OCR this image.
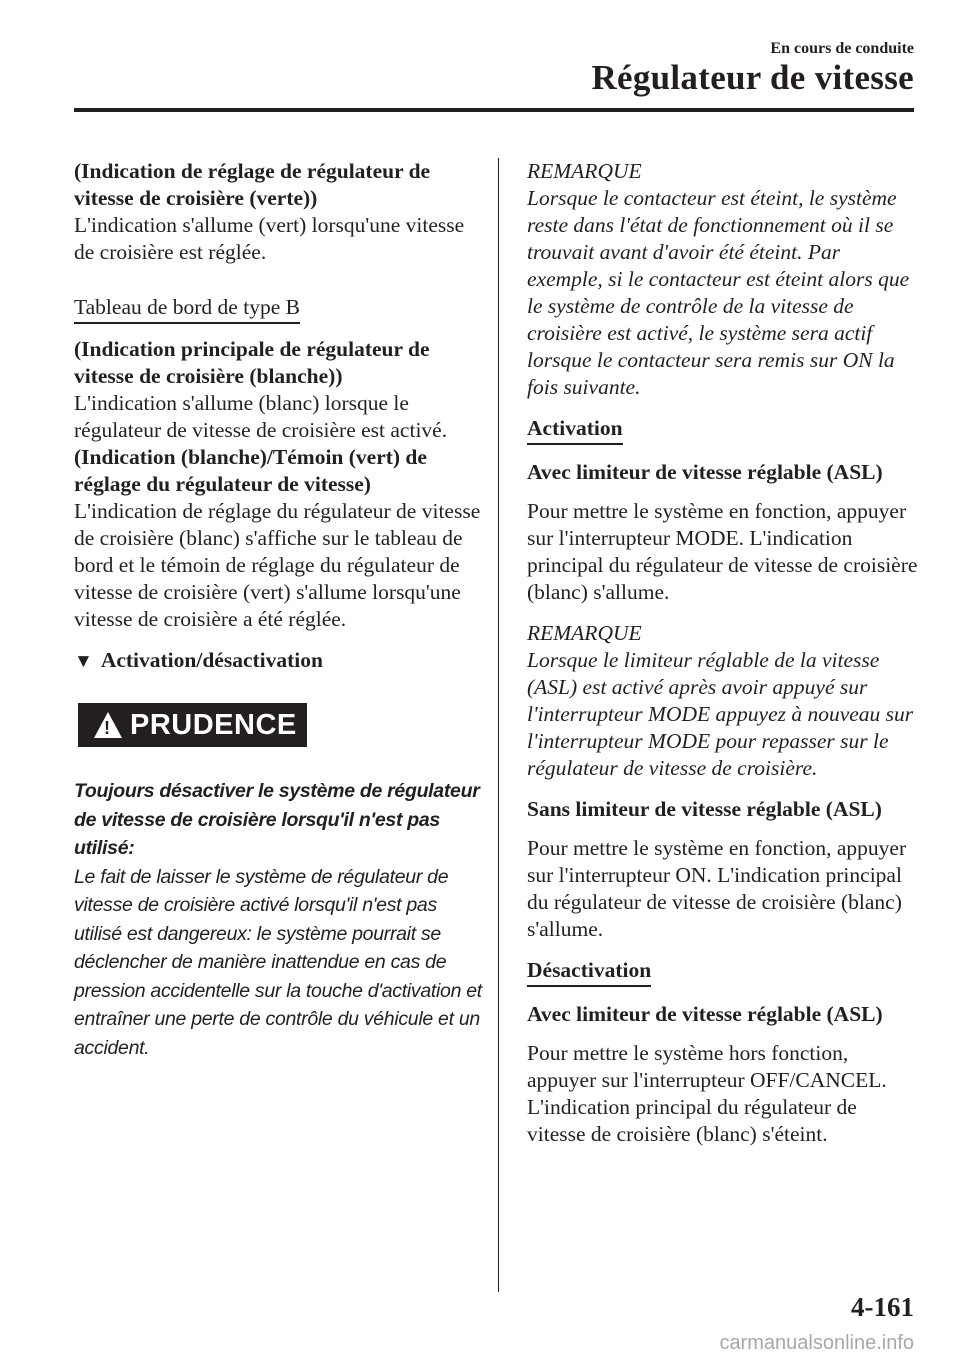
En cours de conduite
Régulateur de vitesse

(Indication de réglage de régulateur de vitesse de croisière (verte))

L'indication s'allume (vert) lorsqu'une vitesse de croisière est réglée.

Tableau de bord de type B

(Indication principale de régulateur de vitesse de croisière (blanche))

L'indication s'allume (blanc) lorsque le régulateur de vitesse de croisière est activé.

(Indication (blanche)/Témoin (vert) de réglage du régulateur de vitesse)

L'indication de réglage du régulateur de vitesse de croisière (blanc) s'affiche sur le tableau de bord et le témoin de réglage du régulateur de vitesse de croisière (vert) s'allume lorsqu'une vitesse de croisière a été réglée.

▼ Activation/désactivation

! PRUDENCE

Toujours désactiver le système de régulateur de vitesse de croisière lorsqu'il n'est pas utilisé:

Le fait de laisser le système de régulateur de vitesse de croisière activé lorsqu'il n'est pas utilisé est dangereux: le système pourrait se déclencher de manière inattendue en cas de pression accidentelle sur la touche d'activation et entraîner une perte de contrôle du véhicule et un accident.

REMARQUE

Lorsque le contacteur est éteint, le système reste dans l'état de fonctionnement où il se trouvait avant d'avoir été éteint. Par exemple, si le contacteur est éteint alors que le système de contrôle de la vitesse de croisière est activé, le système sera actif lorsque le contacteur sera remis sur ON la fois suivante.

Activation

Avec limiteur de vitesse réglable (ASL)

Pour mettre le système en fonction, appuyer sur l'interrupteur MODE. L'indication principal du régulateur de vitesse de croisière (blanc) s'allume.

REMARQUE

Lorsque le limiteur réglable de la vitesse (ASL) est activé après avoir appuyé sur l'interrupteur MODE appuyez à nouveau sur l'interrupteur MODE pour repasser sur le régulateur de vitesse de croisière.

Sans limiteur de vitesse réglable (ASL)

Pour mettre le système en fonction, appuyer sur l'interrupteur ON. L'indication principal du régulateur de vitesse de croisière (blanc) s'allume.

Désactivation

Avec limiteur de vitesse réglable (ASL)

Pour mettre le système hors fonction, appuyer sur l'interrupteur OFF/CANCEL. L'indication principal du régulateur de vitesse de croisière (blanc) s'éteint.

4-161
carmanualsonline.info
